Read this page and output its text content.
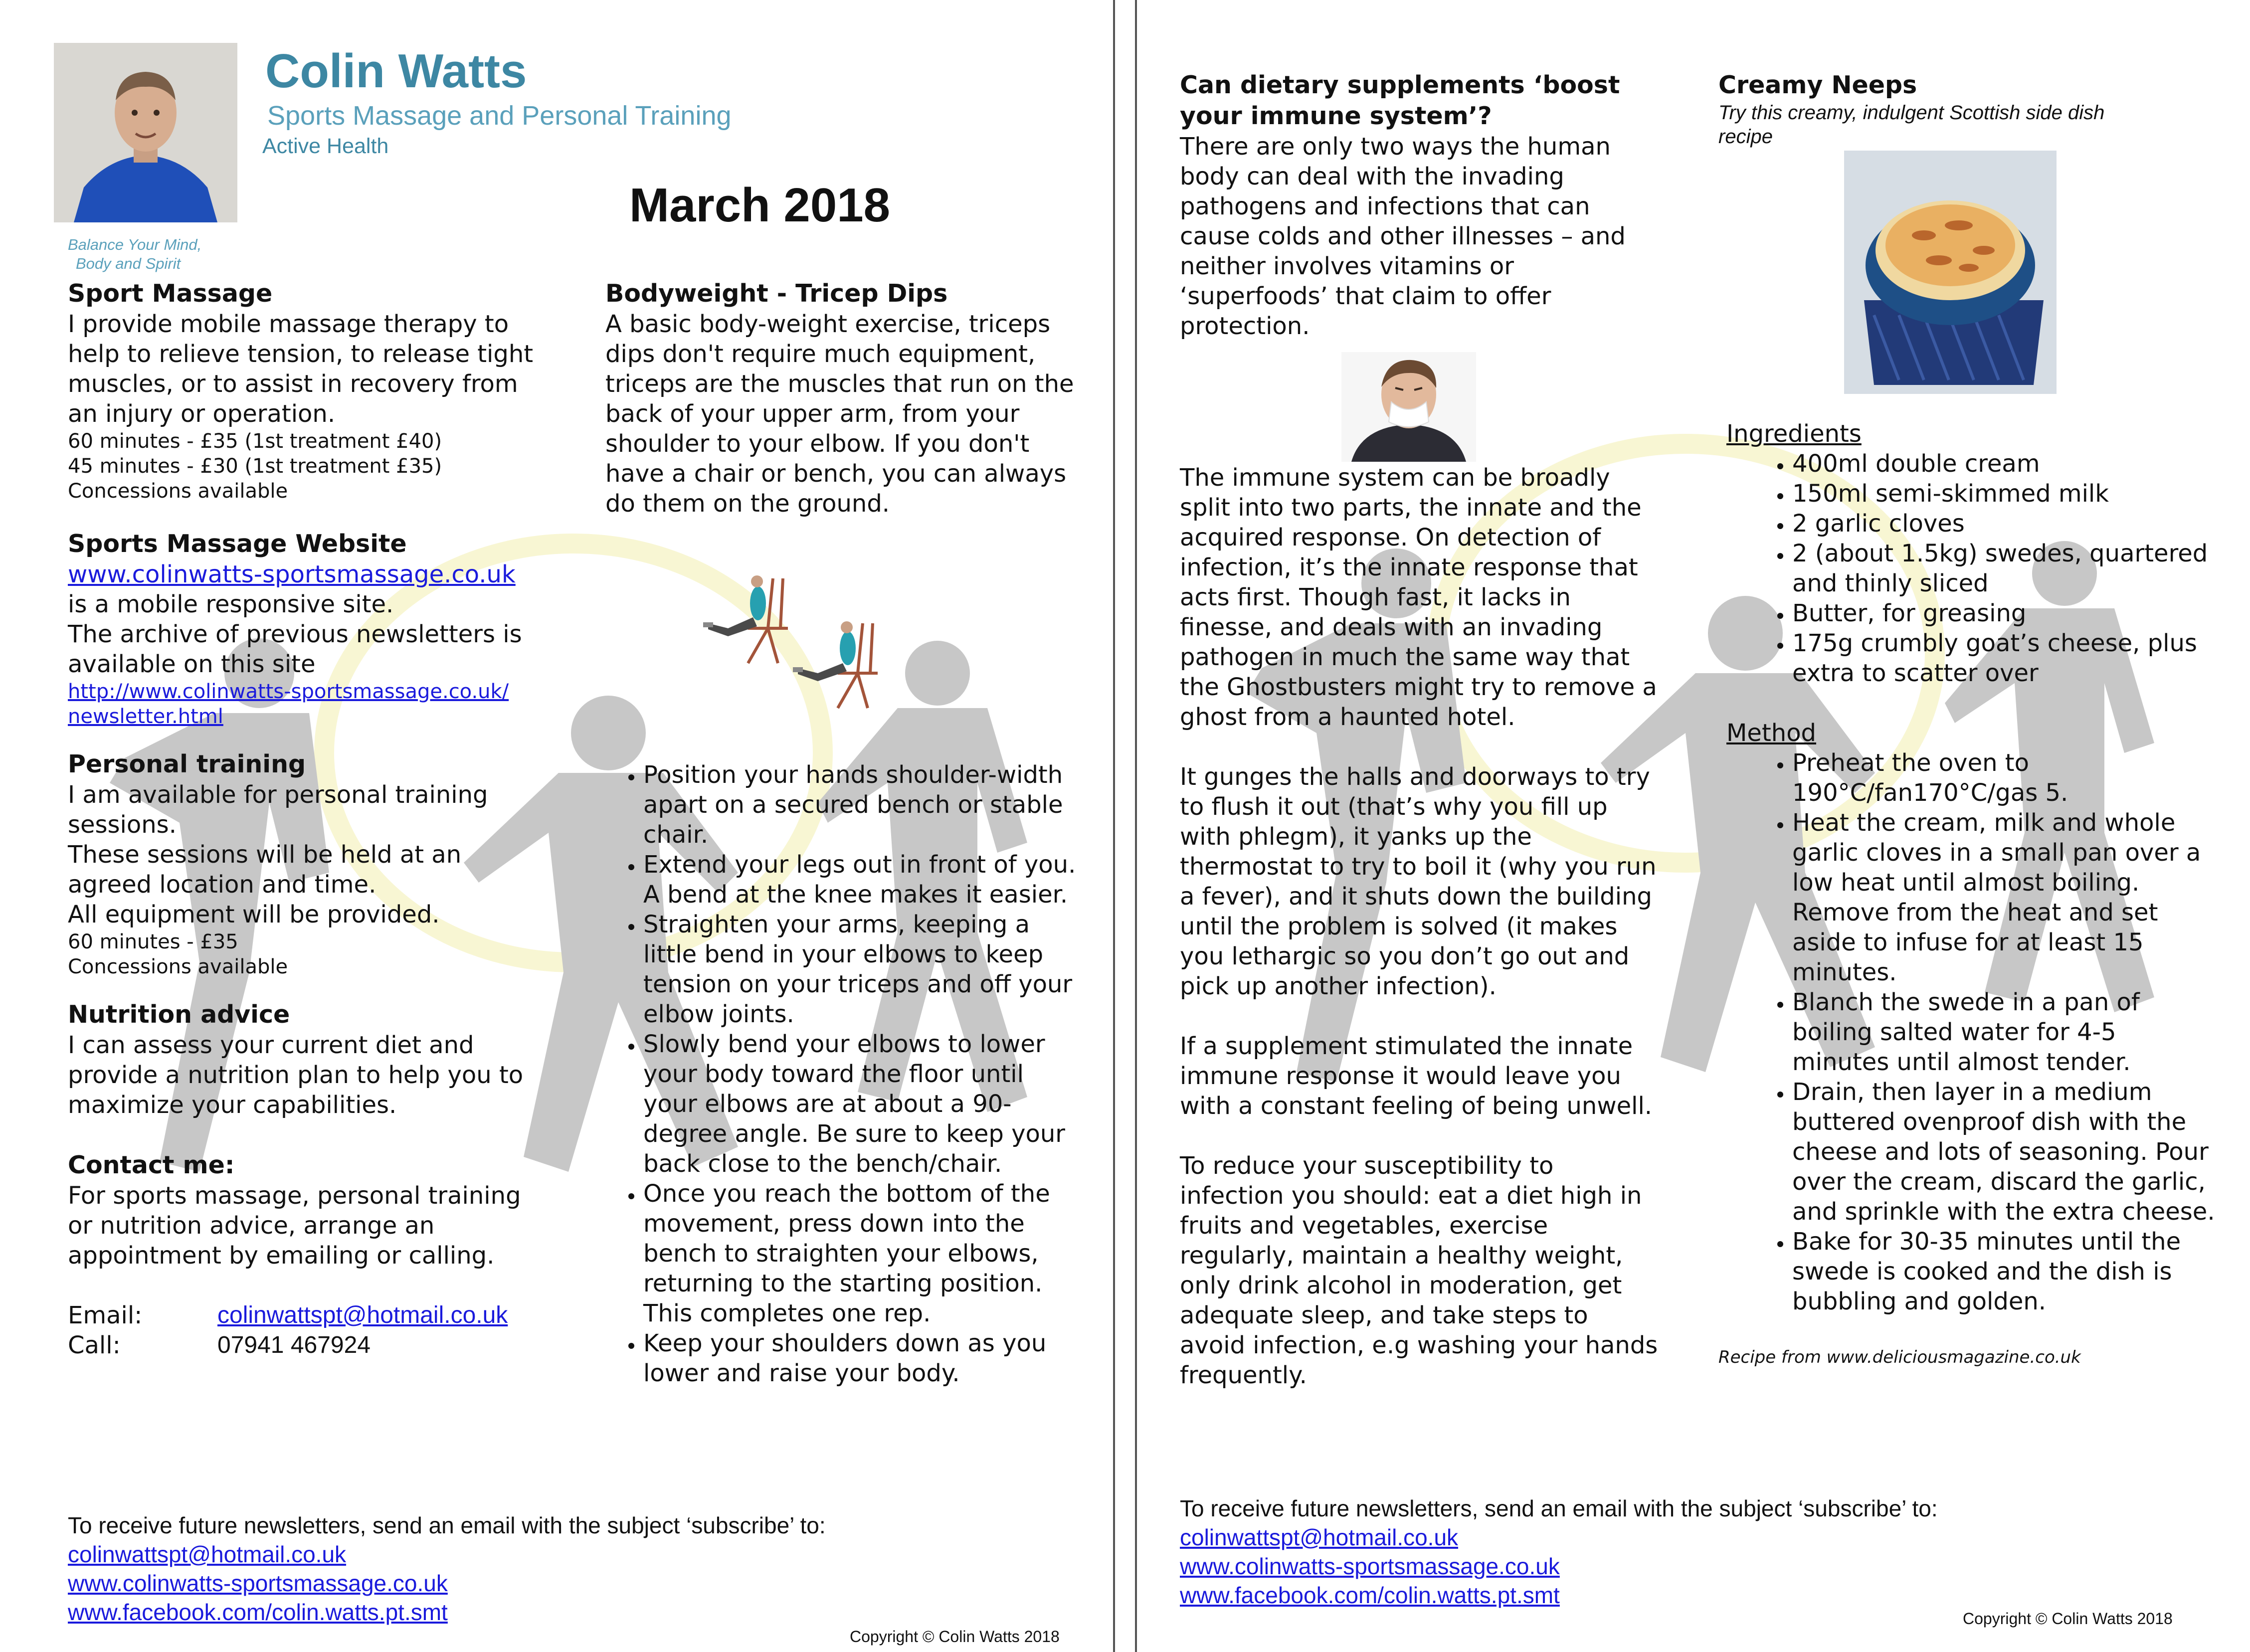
Colin Watts
Sports Massage and Personal Training
Active Health
Balance Your Mind,
Body and Spirit
March 2018
Sport Massage

I provide mobile massage therapy to help to relieve tension, to release tight muscles, or to assist in recovery from an injury or operation.

60 minutes - £35 (1st treatment £40)

45 minutes - £30 (1st treatment £35)

Concessions available

Sports Massage Website

www.colinwatts-sportsmassage.co.uk

is a mobile responsive site.

The archive of previous newsletters is available on this site

http://www.colinwatts-sportsmassage.co.uk/newsletter.html

Personal training

I am available for personal training sessions.

These sessions will be held at an agreed location and time.

All equipment will be provided.

60 minutes - £35

Concessions available

Nutrition advice

I can assess your current diet and provide a nutrition plan to help you to maximize your capabilities.

Contact me:

For sports massage, personal training or nutrition advice, arrange an appointment by emailing or calling.

Email:	colinwattspt@hotmail.co.uk
Call:	07941 467924
Bodyweight - Tricep Dips

A basic body-weight exercise, triceps dips don't require much equipment, triceps are the muscles that run on the back of your upper arm, from your shoulder to your elbow. If you don't have a chair or bench, you can always do them on the ground.

• Position your hands shoulder-width apart on a secured bench or stable chair.
• Extend your legs out in front of you. A bend at the knee makes it easier.
• Straighten your arms, keeping a little bend in your elbows to keep tension on your triceps and off your elbow joints.
• Slowly bend your elbows to lower your body toward the floor until your elbows are at about a 90-degree angle. Be sure to keep your back close to the bench/chair.
• Once you reach the bottom of the movement, press down into the bench to straighten your elbows, returning to the starting position. This completes one rep.
• Keep your shoulders down as you lower and raise your body.
To receive future newsletters, send an email with the subject ‘subscribe’ to:
colinwattspt@hotmail.co.uk
www.colinwatts-sportsmassage.co.uk
www.facebook.com/colin.watts.pt.smt
Copyright © Colin Watts 2018
Can dietary supplements ‘boost
your immune system’?

There are only two ways the human body can deal with the invading pathogens and infections that can cause colds and other illnesses – and neither involves vitamins or ‘superfoods’ that claim to offer protection.

The immune system can be broadly split into two parts, the innate and the acquired response. On detection of infection, it’s the innate response that acts first. Though fast, it lacks in finesse, and deals with an invading pathogen in much the same way that the Ghostbusters might try to remove a ghost from a haunted hotel.

It gunges the halls and doorways to try to flush it out (that’s why you fill up with phlegm), it yanks up the thermostat to try to boil it (why you run a fever), and it shuts down the building until the problem is solved (it makes you lethargic so you don’t go out and pick up another infection).

If a supplement stimulated the innate immune response it would leave you with a constant feeling of being unwell.

To reduce your susceptibility to infection you should: eat a diet high in fruits and vegetables, exercise regularly, maintain a healthy weight, only drink alcohol in moderation, get adequate sleep, and take steps to avoid infection, e.g washing your hands frequently.

Creamy Neeps

Try this creamy, indulgent Scottish side dish recipe

Ingredients
• 400ml double cream
• 150ml semi-skimmed milk
• 2 garlic cloves
• 2 (about 1.5kg) swedes, quartered and thinly sliced
• Butter, for greasing
• 175g crumbly goat’s cheese, plus extra to scatter over
Method
• Preheat the oven to 190°C/fan170°C/gas 5.
• Heat the cream, milk and whole garlic cloves in a small pan over a low heat until almost boiling. Remove from the heat and set aside to infuse for at least 15 minutes.
• Blanch the swede in a pan of boiling salted water for 4-5 minutes until almost tender.
• Drain, then layer in a medium buttered ovenproof dish with the cheese and lots of seasoning. Pour over the cream, discard the garlic, and sprinkle with the extra cheese.
• Bake for 30-35 minutes until the swede is cooked and the dish is bubbling and golden.

Recipe from www.deliciousmagazine.co.uk

To receive future newsletters, send an email with the subject ‘subscribe’ to:
colinwattspt@hotmail.co.uk
www.colinwatts-sportsmassage.co.uk
www.facebook.com/colin.watts.pt.smt
Copyright © Colin Watts 2018
